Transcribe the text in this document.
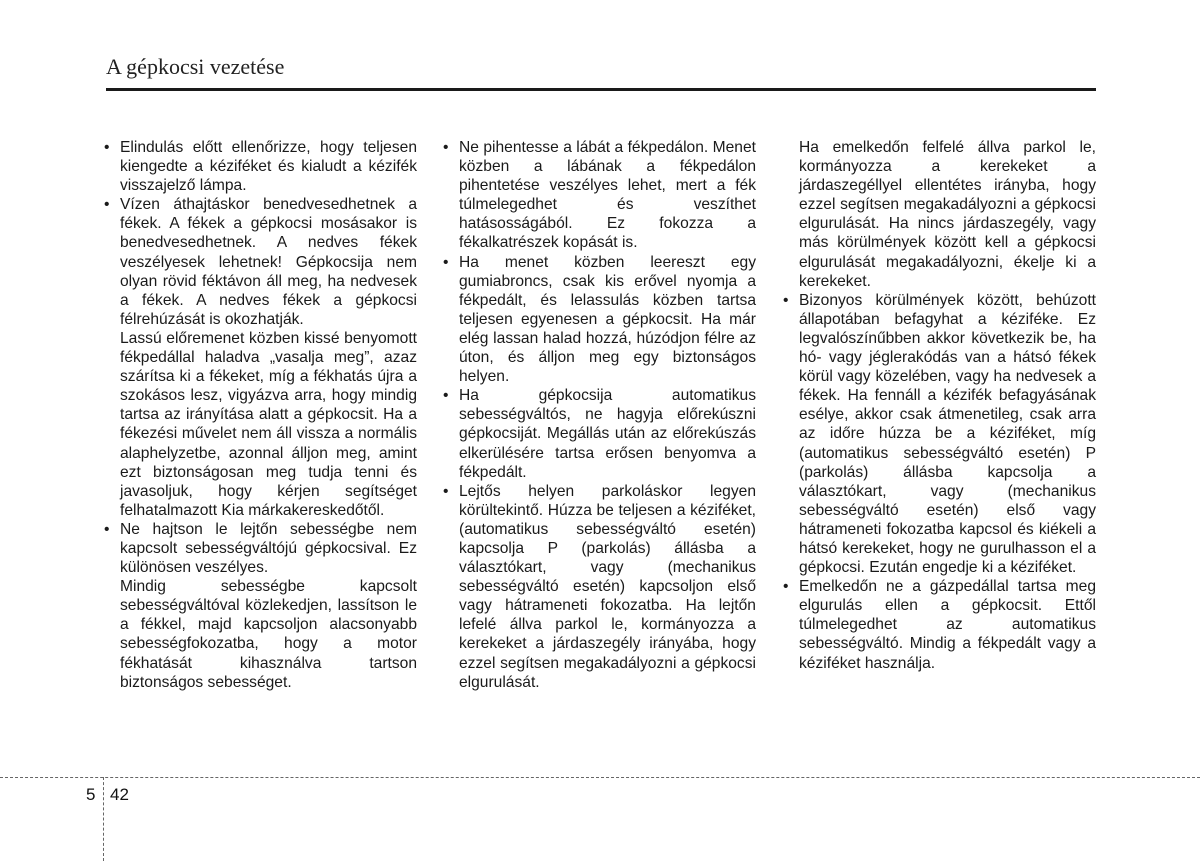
A gépkocsi vezetése
• Elindulás előtt ellenőrizze, hogy teljesen kiengedte a kéziféket és kialudt a kézifék visszajelző lámpa.

• Vízen áthajtáskor benedvesedhetnek a fékek. A fékek a gépkocsi mosásakor is benedvesedhetnek. A nedves fékek veszélyesek lehetnek! Gépkocsija nem olyan rövid féktávon áll meg, ha nedvesek a fékek. A nedves fékek a gépkocsi félrehúzását is okozhatják.

Lassú előremenet közben kissé benyomott fékpedállal haladva „vasalja meg”, azaz szárítsa ki a fékeket, míg a fékhatás újra a szokásos lesz, vigyázva arra, hogy mindig tartsa az irányítása alatt a gépkocsit. Ha a fékezési művelet nem áll vissza a normális alaphelyzetbe, azonnal álljon meg, amint ezt biztonságosan meg tudja tenni és javasoljuk, hogy kérjen segítséget felhatalmazott Kia márkakereskedőtől.

• Ne hajtson le lejtőn sebességbe nem kapcsolt sebességváltójú gépkocsival. Ez különösen veszélyes.

Mindig sebességbe kapcsolt sebességváltóval közlekedjen, lassítson le a fékkel, majd kapcsoljon alacsonyabb sebességfokozatba, hogy a motor fékhatását kihasználva tartson biztonságos sebességet.

• Ne pihentesse a lábát a fékpedálon. Menet közben a lábának a fékpedálon pihentetése veszélyes lehet, mert a fék túlmelegedhet és veszíthet hatásosságából. Ez fokozza a fékalkatrészek kopását is.

• Ha menet közben leereszt egy gumiabroncs, csak kis erővel nyomja a fékpedált, és lelassulás közben tartsa teljesen egyenesen a gépkocsit. Ha már elég lassan halad hozzá, húzódjon félre az úton, és álljon meg egy biztonságos helyen.

• Ha gépkocsija automatikus sebességváltós, ne hagyja előrekúszni gépkocsiját. Megállás után az előrekúszás elkerülésére tartsa erősen benyomva a fékpedált.

• Lejtős helyen parkoláskor legyen körültekintő. Húzza be teljesen a kéziféket, (automatikus sebességváltó esetén) kapcsolja P (parkolás) állásba a választókart, vagy (mechanikus sebességváltó esetén) kapcsoljon első vagy hátrameneti fokozatba. Ha lejtőn lefelé állva parkol le, kormányozza a kerekeket a járdaszegély irányába, hogy ezzel segítsen megakadályozni a gépkocsi elgurulását.

Ha emelkedőn felfelé állva parkol le, kormányozza a kerekeket a járdaszegéllyel ellentétes irányba, hogy ezzel segítsen megakadályozni a gépkocsi elgurulását. Ha nincs járdaszegély, vagy más körülmények között kell a gépkocsi elgurulását megakadályozni, ékelje ki a kerekeket.

• Bizonyos körülmények között, behúzott állapotában befagyhat a kéziféke. Ez legvalószínűbben akkor következik be, ha hó- vagy jéglerakódás van a hátsó fékek körül vagy közelében, vagy ha nedvesek a fékek. Ha fennáll a kézifék befagyásának esélye, akkor csak átmenetileg, csak arra az időre húzza be a kéziféket, míg (automatikus sebességváltó esetén) P (parkolás) állásba kapcsolja a választókart, vagy (mechanikus sebességváltó esetén) első vagy hátrameneti fokozatba kapcsol és kiékeli a hátsó kerekeket, hogy ne gurulhasson el a gépkocsi. Ezután engedje ki a kéziféket.

• Emelkedőn ne a gázpedállal tartsa meg elgurulás ellen a gépkocsit. Ettől túlmelegedhet az automatikus sebességváltó. Mindig a fékpedált vagy a kéziféket használja.

5 42
